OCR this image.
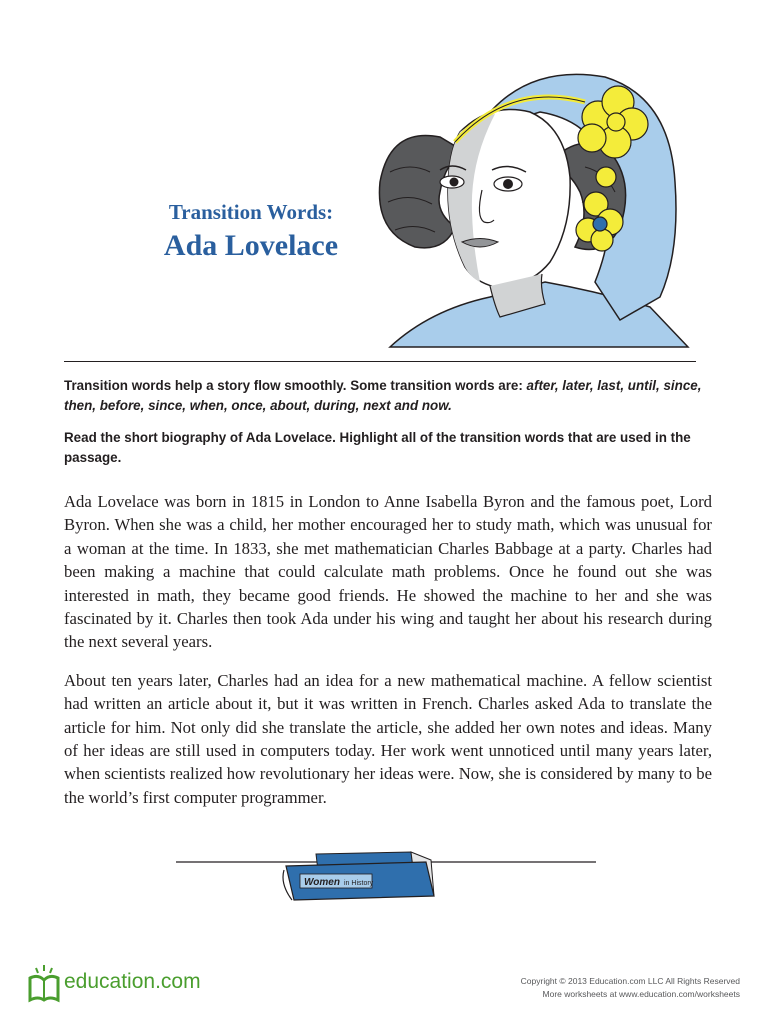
Transition Words:
Ada Lovelace

Transition words help a story flow smoothly. Some transition words are: after, later, last, until, since, then, before, since, when, once, about, during, next and now.

Read the short biography of Ada Lovelace. Highlight all of the transition words that are used in the passage.

Ada Lovelace was born in 1815 in London to Anne Isabella Byron and the famous poet, Lord Byron. When she was a child, her mother encouraged her to study math, which was unusual for a woman at the time. In 1833, she met mathematician Charles Babbage at a party. Charles had been making a machine that could calculate math problems. Once he found out she was interested in math, they became good friends. He showed the machine to her and she was fascinated by it. Charles then took Ada under his wing and taught her about his research during the next several years.

About ten years later, Charles had an idea for a new mathematical machine. A fellow scientist had written an article about it, but it was written in French. Charles asked Ada to translate the article for him. Not only did she translate the article, she added her own notes and ideas. Many of her ideas are still used in computers today. Her work went unnoticed until many years later, when scientists realized how revolutionary her ideas were. Now, she is considered by many to be the world’s first computer programmer.

Women in History
education.com	Copyright © 2013 Education.com LLC All Rights Reserved
More worksheets at www.education.com/worksheets
